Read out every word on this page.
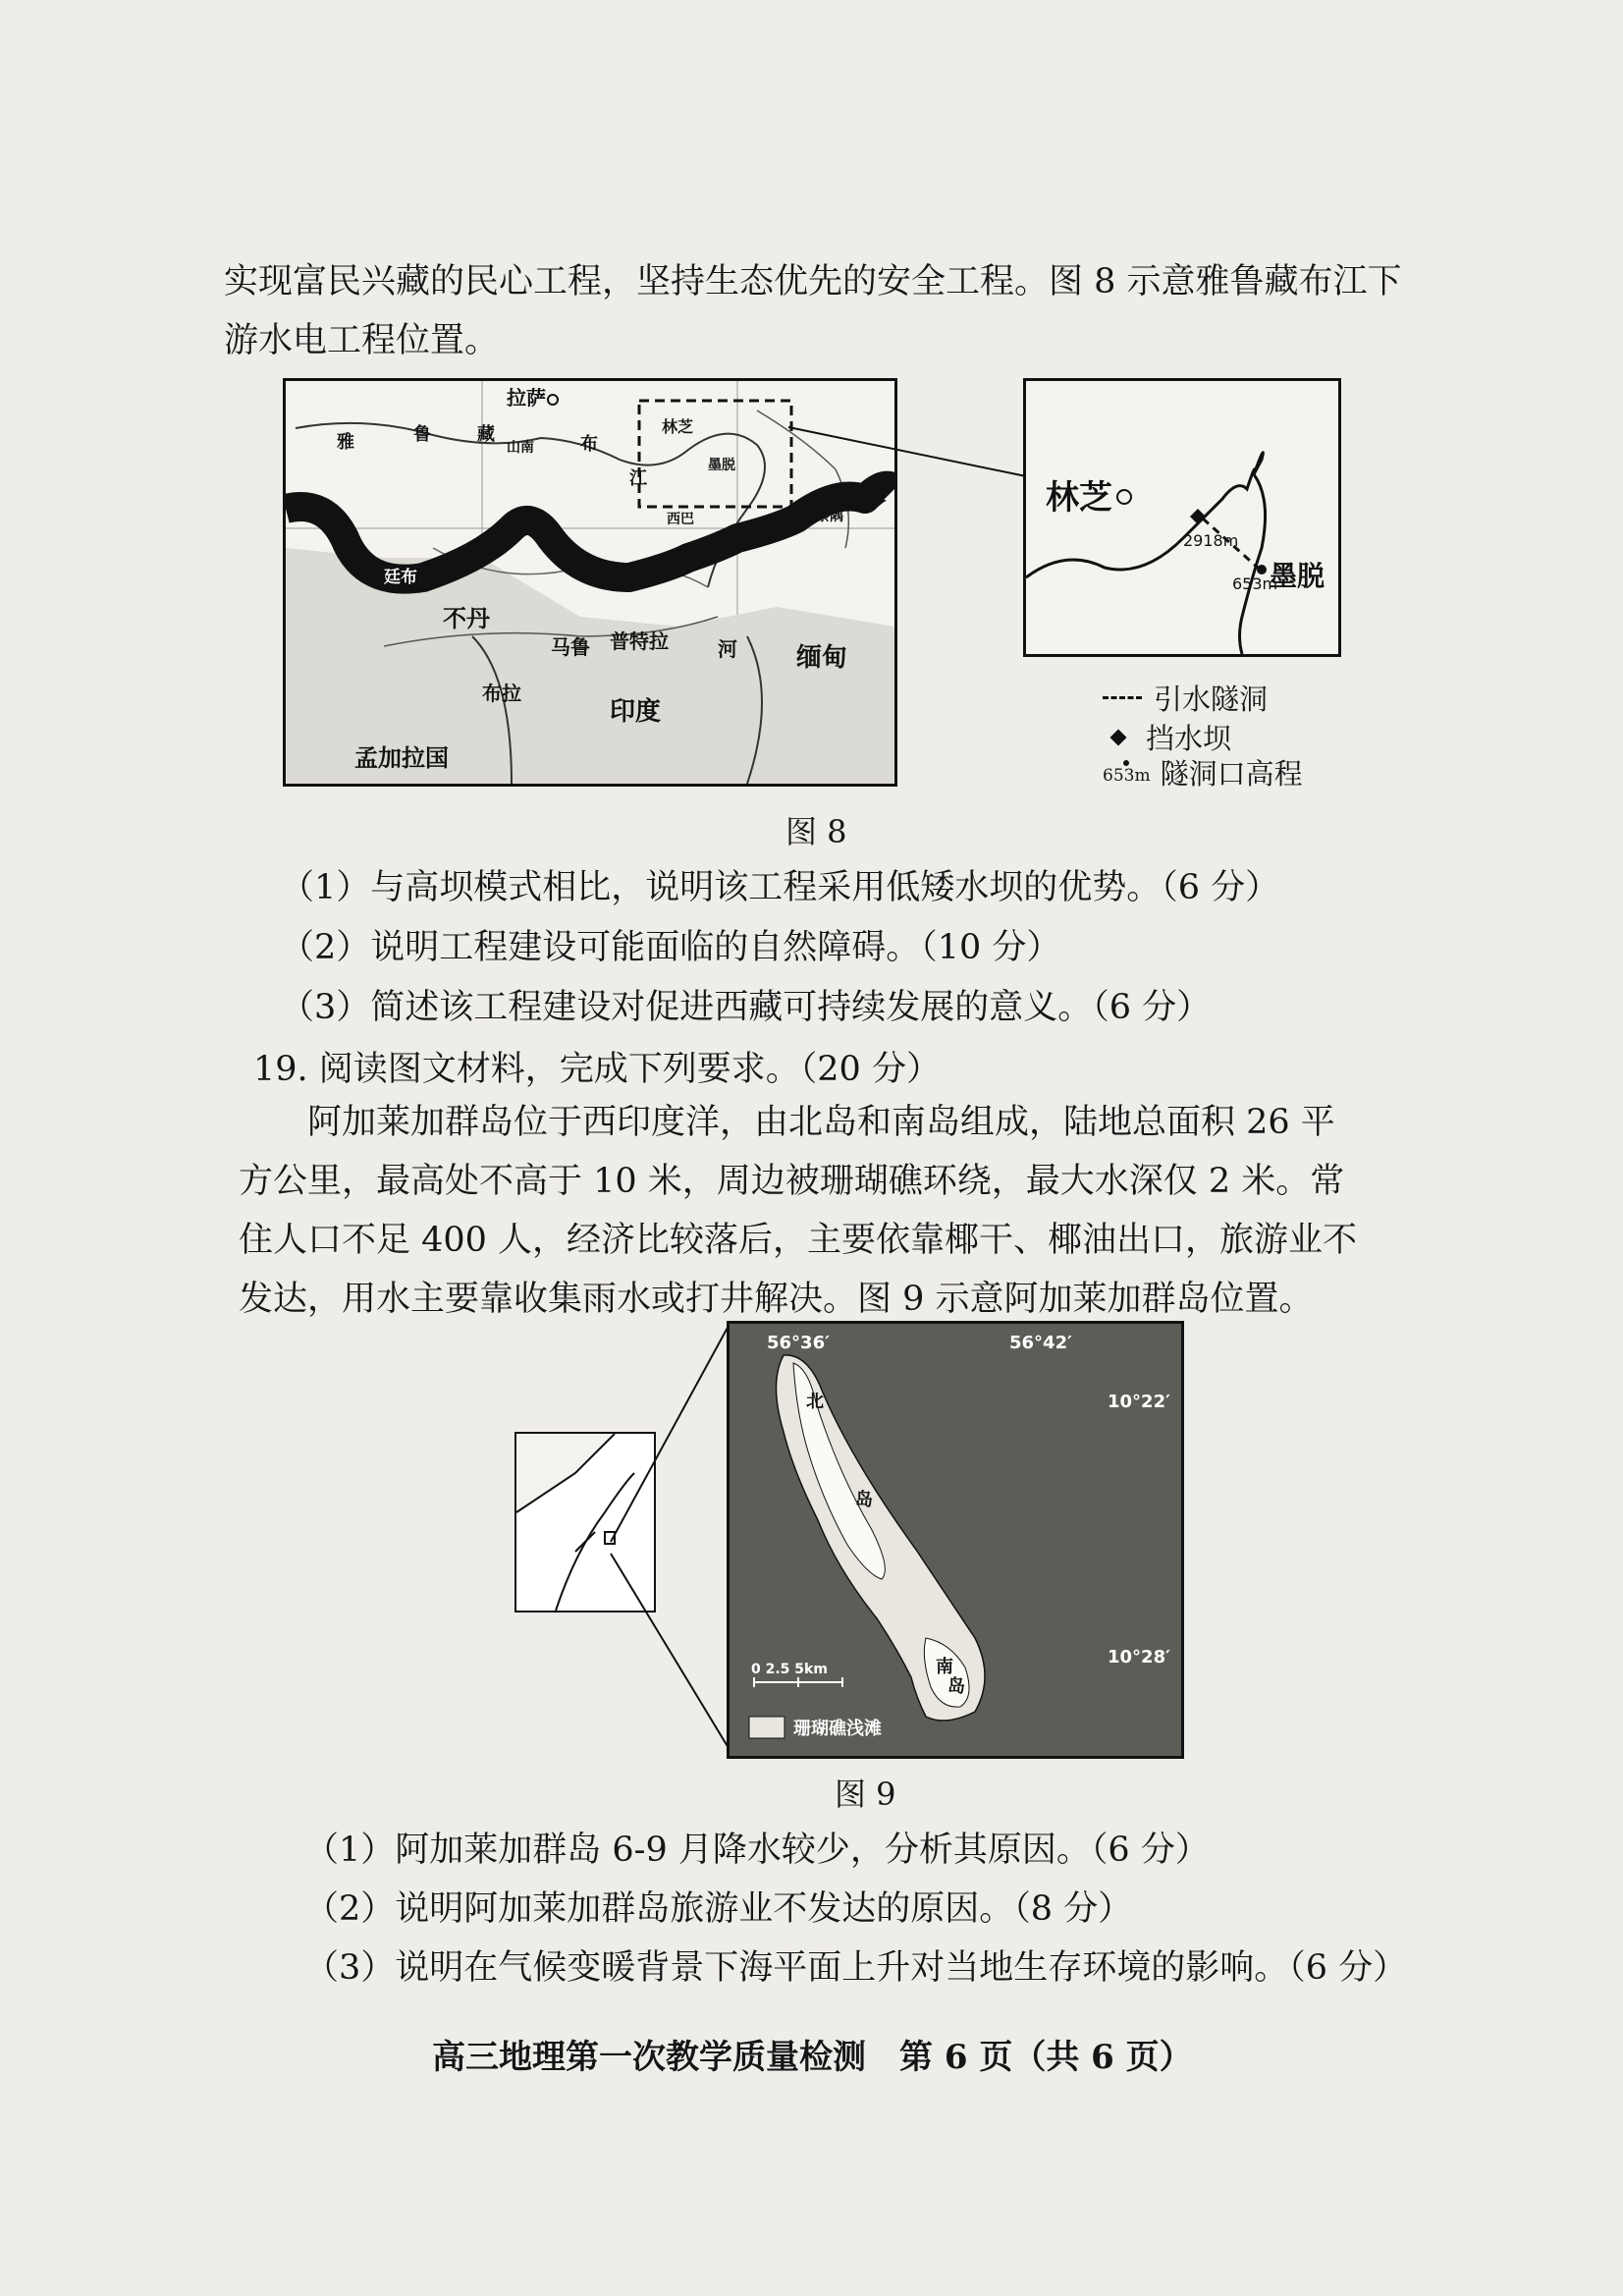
实现富民兴藏的民心工程，坚持生态优先的安全工程。图 8 示意雅鲁藏布江下
游水电工程位置。
拉萨
林芝
墨脱
雅	鲁	藏	布
江
山南
西巴	察隅
廷布
不丹
马鲁
布拉
普特拉	河 缅甸
印度
孟加拉国
林芝
墨脱
2918m
653m
引水隧洞
挡水坝
653m 隧洞口高程
图 8
（1）与高坝模式相比，说明该工程采用低矮水坝的优势。（6 分）
（2）说明工程建设可能面临的自然障碍。（10 分）
（3）简述该工程建设对促进西藏可持续发展的意义。（6 分）
19. 阅读图文材料，完成下列要求。（20 分）
阿加莱加群岛位于西印度洋，由北岛和南岛组成，陆地总面积 26 平方公里，最高处不高于 10 米，周边被珊瑚礁环绕，最大水深仅 2 米。常住人口不足 400 人，经济比较落后，主要依靠椰干、椰油出口，旅游业不发达，用水主要靠收集雨水或打井解决。图 9 示意阿加莱加群岛位置。
56°36′	56°42′
10°22′
10°28′
北
岛
南
岛
0 2.5 5km
珊瑚礁浅滩
图 9
（1）阿加莱加群岛 6-9 月降水较少，分析其原因。（6 分）
（2）说明阿加莱加群岛旅游业不发达的原因。（8 分）
（3）说明在气候变暖背景下海平面上升对当地生存环境的影响。（6 分）
高三地理第一次教学质量检测　第 6 页（共 6 页）
